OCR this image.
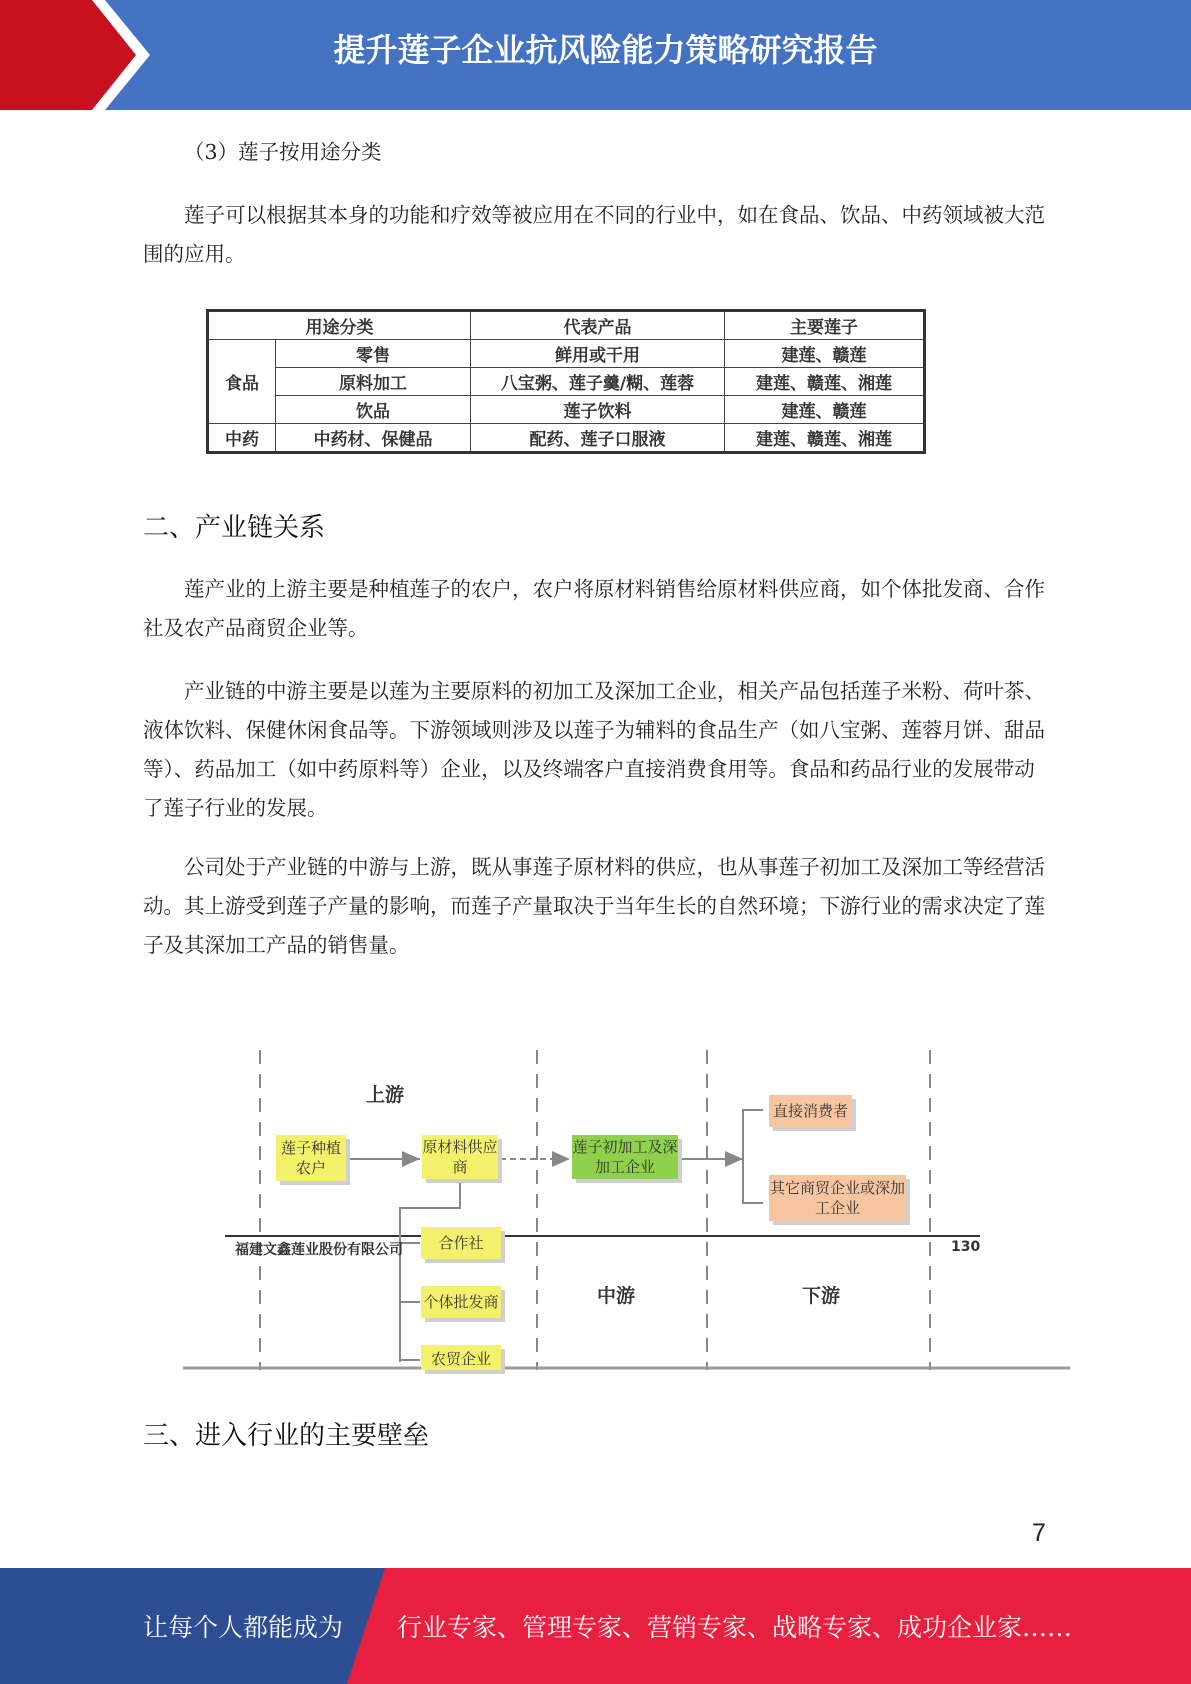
提升莲子企业抗风险能力策略研究报告

（3）莲子按用途分类

莲子可以根据其本身的功能和疗效等被应用在不同的行业中，如在食品、饮品、中药领域被大范围的应用。

用途分类		代表产品	主要莲子
食品	零售	鲜用或干用	建莲、赣莲
	原料加工	八宝粥、莲子羹/糊、莲蓉	建莲、赣莲、湘莲
	饮品	莲子饮料	建莲、赣莲
中药	中药材、保健品	配药、莲子口服液	建莲、赣莲、湘莲
二、产业链关系

莲产业的上游主要是种植莲子的农户，农户将原材料销售给原材料供应商，如个体批发商、合作社及农产品商贸企业等。

产业链的中游主要是以莲为主要原料的初加工及深加工企业，相关产品包括莲子米粉、荷叶茶、液体饮料、保健休闲食品等。下游领域则涉及以莲子为辅料的食品生产（如八宝粥、莲蓉月饼、甜品等）、药品加工（如中药原料等）企业，以及终端客户直接消费食用等。食品和药品行业的发展带动了莲子行业的发展。

公司处于产业链的中游与上游，既从事莲子原材料的供应，也从事莲子初加工及深加工等经营活动。其上游受到莲子产量的影响，而莲子产量取决于当年生长的自然环境；下游行业的需求决定了莲子及其深加工产品的销售量。

上游
中游	下游
福建文鑫莲业股份有限公司	130
莲子种植农户
原材料供应商
莲子初加工及深加工企业
直接消费者
其它商贸企业或深加工企业
合作社
个体批发商
农贸企业
三、进入行业的主要壁垒
7
让每个人都能成为 行业专家、管理专家、营销专家、战略专家、成功企业家……
